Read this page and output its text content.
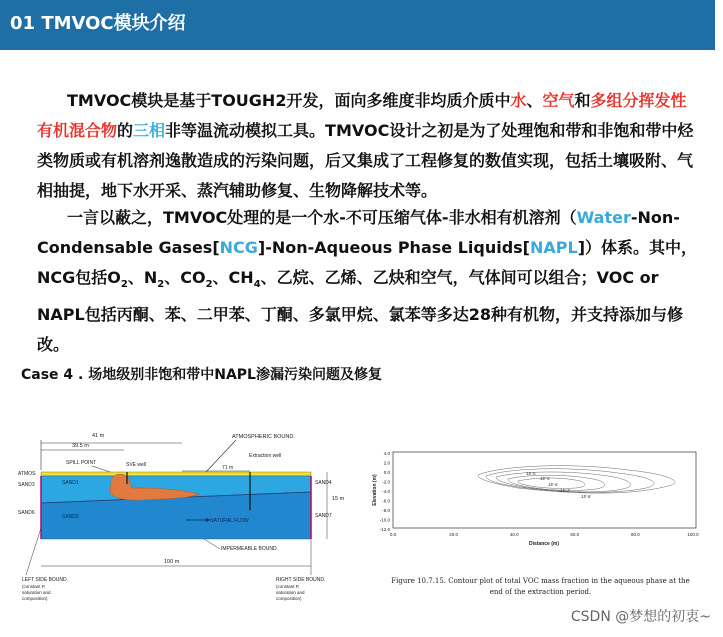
01 TMVOC模块介绍

TMVOC模块是基于TOUGH2开发，面向多维度非均质介质中水、空气和多组分挥发性有机混合物的三相非等温流动模拟工具。TMVOC设计之初是为了处理饱和带和非饱和带中烃类物质或有机溶剂逸散造成的污染问题，后又集成了工程修复的数值实现，包括土壤吸附、气相抽提，地下水开采、蒸汽辅助修复、生物降解技术等。

一言以蔽之，TMVOC处理的是一个水-不可压缩气体-非水相有机溶剂（Water-Non-Condensable Gases[NCG]-Non-Aqueous Phase Liquids[NAPL]）体系。其中，NCG包括$O_2$、$N_2$、$CO_2$、$CH_4$、乙烷、乙烯、乙炔和空气，气体间可以组合；VOC or NAPL包括丙酮、苯、二甲苯、丁酮、多氯甲烷、氯苯等多达28种有机物，并支持添加与修改。

Case 4 . 场地级别非饱和带中NAPL渗漏污染问题及修复
41 m
39.5 m
ATMOSPHERIC BOUND.
SPILL POINT	SVE well
Extraction well
71 m
ATMOS
SAND3	SAND1	SAND4
SAND6
SAND2	SAND7
NATURAL FLOW
15 m
IMPERMEABLE BOUND.
100 m
LEFT SIDE BOUND.
(constant P,
saturation and
composition)
RIGHT SIDE BOUND.
(constant P,
saturation and
composition)
4.0
2.0
0.0
-2.0
-4.0
-6.0
-8.0
-10.0
-12.0
0.0	20.0	40.0	60.0	80.0	100.0
Distance (m)
Elevation (m)
1E-5
1E-5
1E-6
1E-7
1E-8
Figure 10.7.15. Contour plot of total VOC mass fraction in the aqueous phase at the end of the extraction period.
CSDN @梦想的初衷~
